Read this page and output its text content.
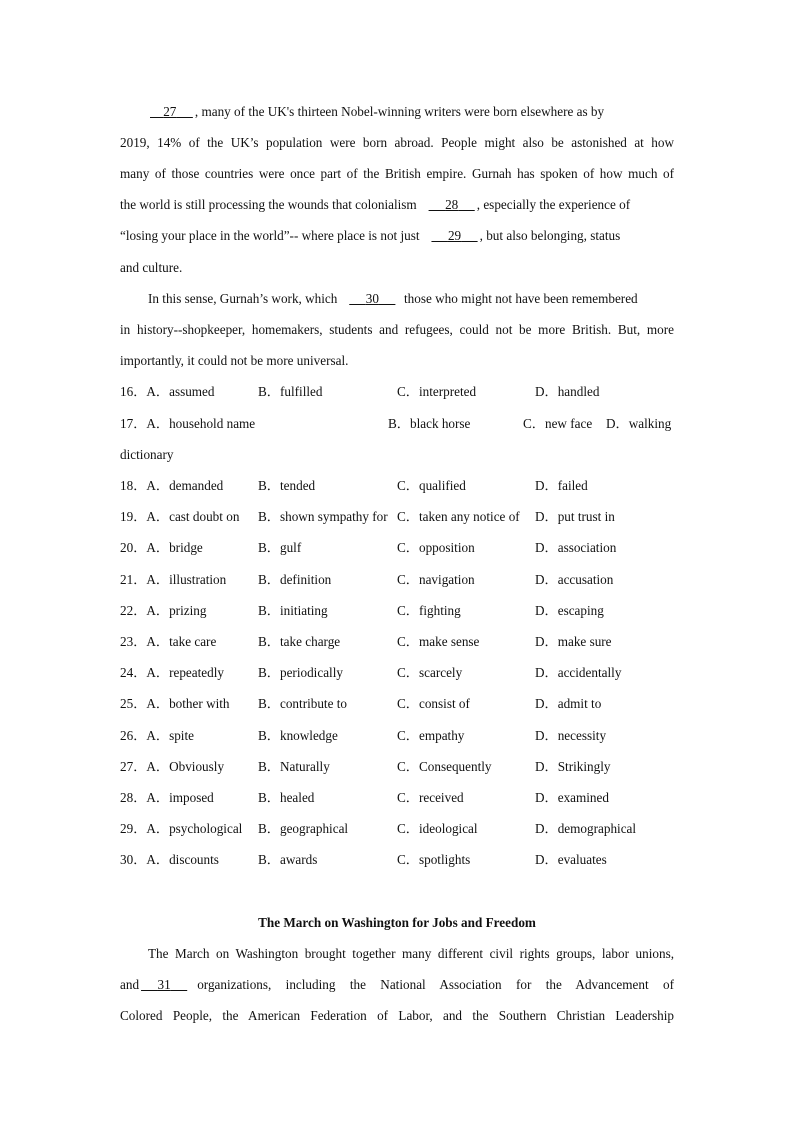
27 , many of the UK's thirteen Nobel-winning writers were born elsewhere as by
2019, 14% of the UK’s population were born abroad. People might also be astonished at how
many of those countries were once part of the British empire. Gurnah has spoken of how much of
the world is still processing the wounds that colonialism 28 , especially the experience of
“losing your place in the world”-- where place is not just 29 , but also belonging, status
and culture.
In this sense, Gurnah’s work, which 30 those who might not have been remembered
in history--shopkeeper, homemakers, students and refugees, could not be more British. But, more
importantly, it could not be more universal.
16．A．assumed	B．fulfilled	C．interpreted	D．handled
17．A．household name	B．black horse	C．new face D．walking
dictionary
18．A．demanded	B．tended	C．qualified	D．failed
19．A．cast doubt on B．shown sympathy for C．taken any notice of D．put trust in
20．A．bridge	B．gulf	C．opposition	D．association
21．A．illustration B．definition	C．navigation	D．accusation
22．A．prizing	B．initiating	C．fighting	D．escaping
23．A．take care	B．take charge	C．make sense	D．make sure
24．A．repeatedly	B．periodically	C．scarcely	D．accidentally
25．A．bother with B．contribute to	C．consist of	D．admit to
26．A．spite	B．knowledge	C．empathy	D．necessity
27．A．Obviously	B．Naturally	C．Consequently	D．Strikingly
28．A．imposed	B．healed	C．received	D．examined
29．A．psychological B．geographical	C．ideological	D．demographical
30．A．discounts	B．awards	C．spotlights	D．evaluates
The March on Washington for Jobs and Freedom
The March on Washington brought together many different civil rights groups, labor unions,
and	31	organizations, including the National Association for the Advancement of
Colored People, the American Federation of Labor, and the Southern Christian Leadership
